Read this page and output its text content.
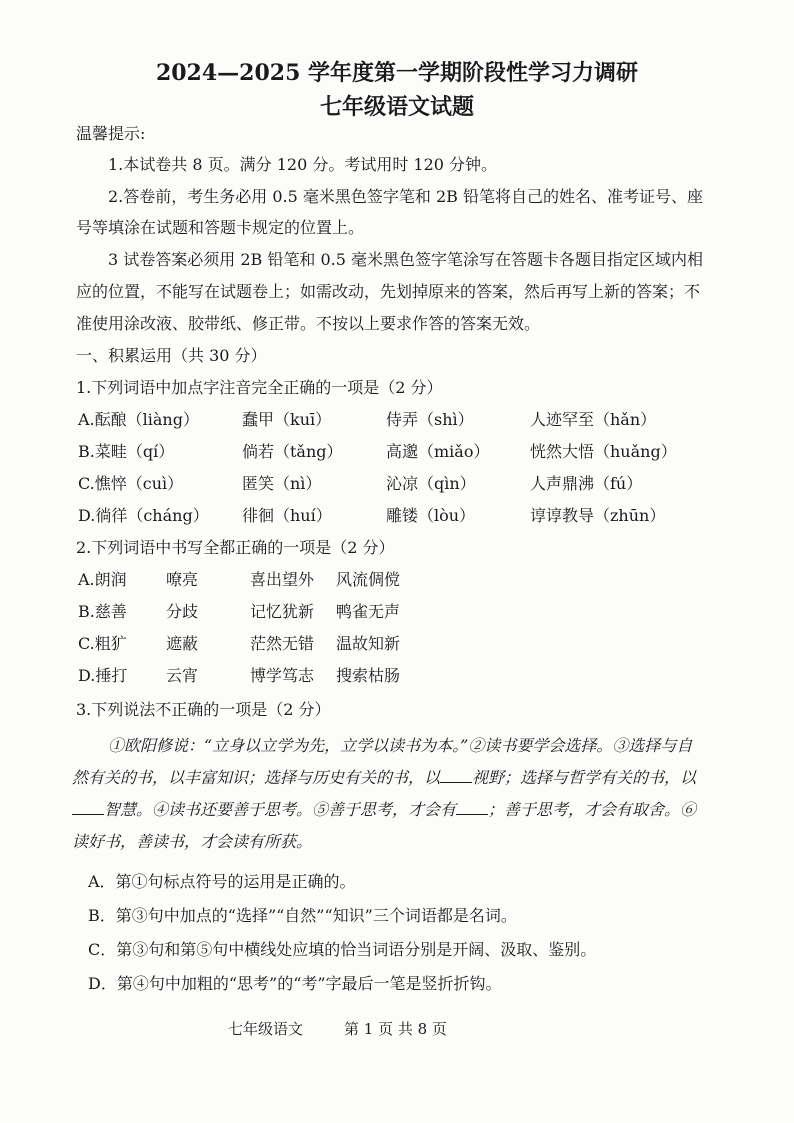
2024—2025 学年度第一学期阶段性学习力调研
七年级语文试题
温馨提示:
1.本试卷共 8 页。满分 120 分。考试用时 120 分钟。
2.答卷前，考生务必用 0.5 毫米黑色签字笔和 2B 铅笔将自己的姓名、准考证号、座
号等填涂在试题和答题卡规定的位置上。
3 试卷答案必须用 2B 铅笔和 0.5 毫米黑色签字笔涂写在答题卡各题目指定区域内相
应的位置，不能写在试题卷上；如需改动，先划掉原来的答案，然后再写上新的答案；不
准使用涂改液、胶带纸、修正带。不按以上要求作答的答案无效。
一、积累运用（共 30 分）
1.下列词语中加点字注音完全正确的一项是（2 分）
A.酝酿（liàng）	蠢甲（kuī）	侍弄（shì）	人迹罕至（hǎn）
B.菜畦（qí）	倘若（tǎng）	高邈（miǎo）	恍然大悟（huǎng）
C.憔悴（cuì）	匿笑（nì）	沁凉（qìn）	人声鼎沸（fú）
D.徜徉（cháng） 徘徊（huí）	雕镂（lòu）	谆谆教导（zhūn）
2.下列词语中书写全都正确的一项是（2 分）
A.朗润 嘹亮	喜出望外 风流倜傥
B.慈善 分歧	记忆犹新 鸭雀无声
C.粗犷 遮蔽	茫然无错 温故知新
D.捶打 云宵	博学笃志 搜索枯肠
3.下列说法不正确的一项是（2 分）
①欧阳修说：“立身以立学为先，立学以读书为本。”②读书要学会选择。③选择与自
然有关的书，以丰富知识；选择与历史有关的书，以 视野；选择与哲学有关的书，以
智慧。④读书还要善于思考。⑤善于思考，才会有 ；善于思考，才会有取舍。⑥
读好书，善读书，才会读有所获。
A．第①句标点符号的运用是正确的。
B．第③句中加点的“选择”“自然”“知识”三个词语都是名词。
C．第③句和第⑤句中横线处应填的恰当词语分别是开阔、汲取、鉴别。
D．第④句中加粗的“思考”的“考”字最后一笔是竖折折钩。
七年级语文	第 1 页 共 8 页
